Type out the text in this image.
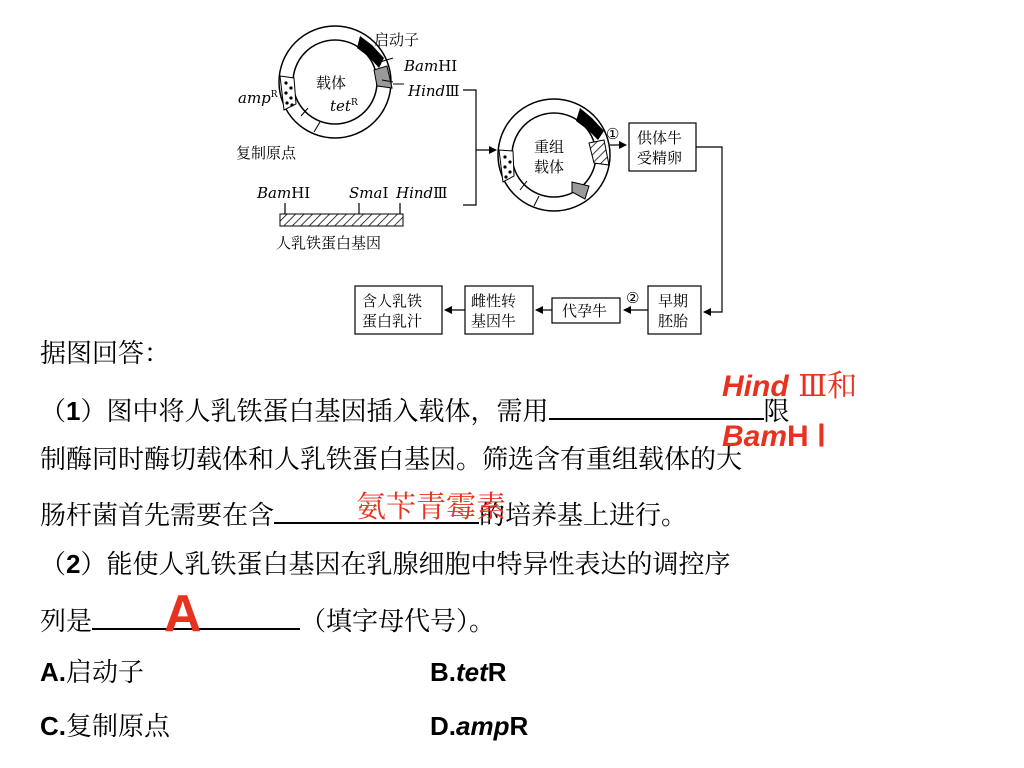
启动子
载体
amp$^R$
tet$^R$
复制原点
BamHⅠ
HindⅢ
BamHⅠ	SmaⅠ HindⅢ
人乳铁蛋白基因
重组
载体
① 供体牛
受精卵
早期
胚胎
②
代孕牛
雌性转
基因牛
含人乳铁
蛋白乳汁
据图回答：
（1）图中将人乳铁蛋白基因插入载体，需用	限
制酶同时酶切载体和人乳铁蛋白基因。筛选含有重组载体的大
肠杆菌首先需要在含	的培养基上进行。
（2）能使人乳铁蛋白基因在乳腺细胞中特异性表达的调控序
列是	（填字母代号）。
A.启动子	B.tetR
C.复制原点	D.ampR
Hind Ⅲ和
BamH Ⅰ
氨苄青霉素
A
